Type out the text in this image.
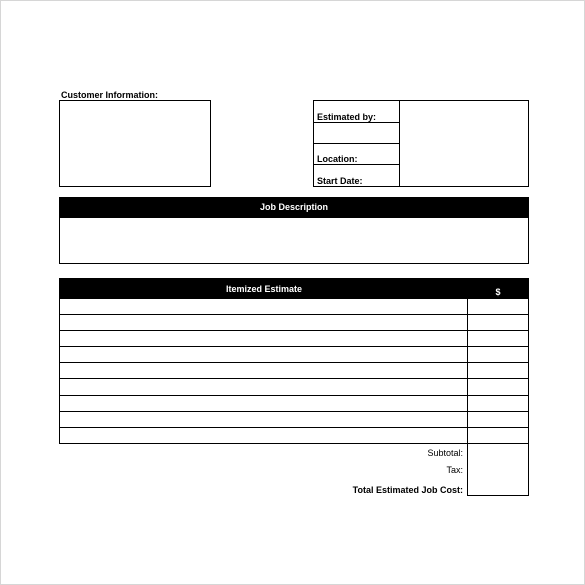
Customer Information:
Estimated by:
Location:
Start Date:
Job Description
Itemized Estimate	$
Subtotal:
Tax:
Total Estimated Job Cost:
